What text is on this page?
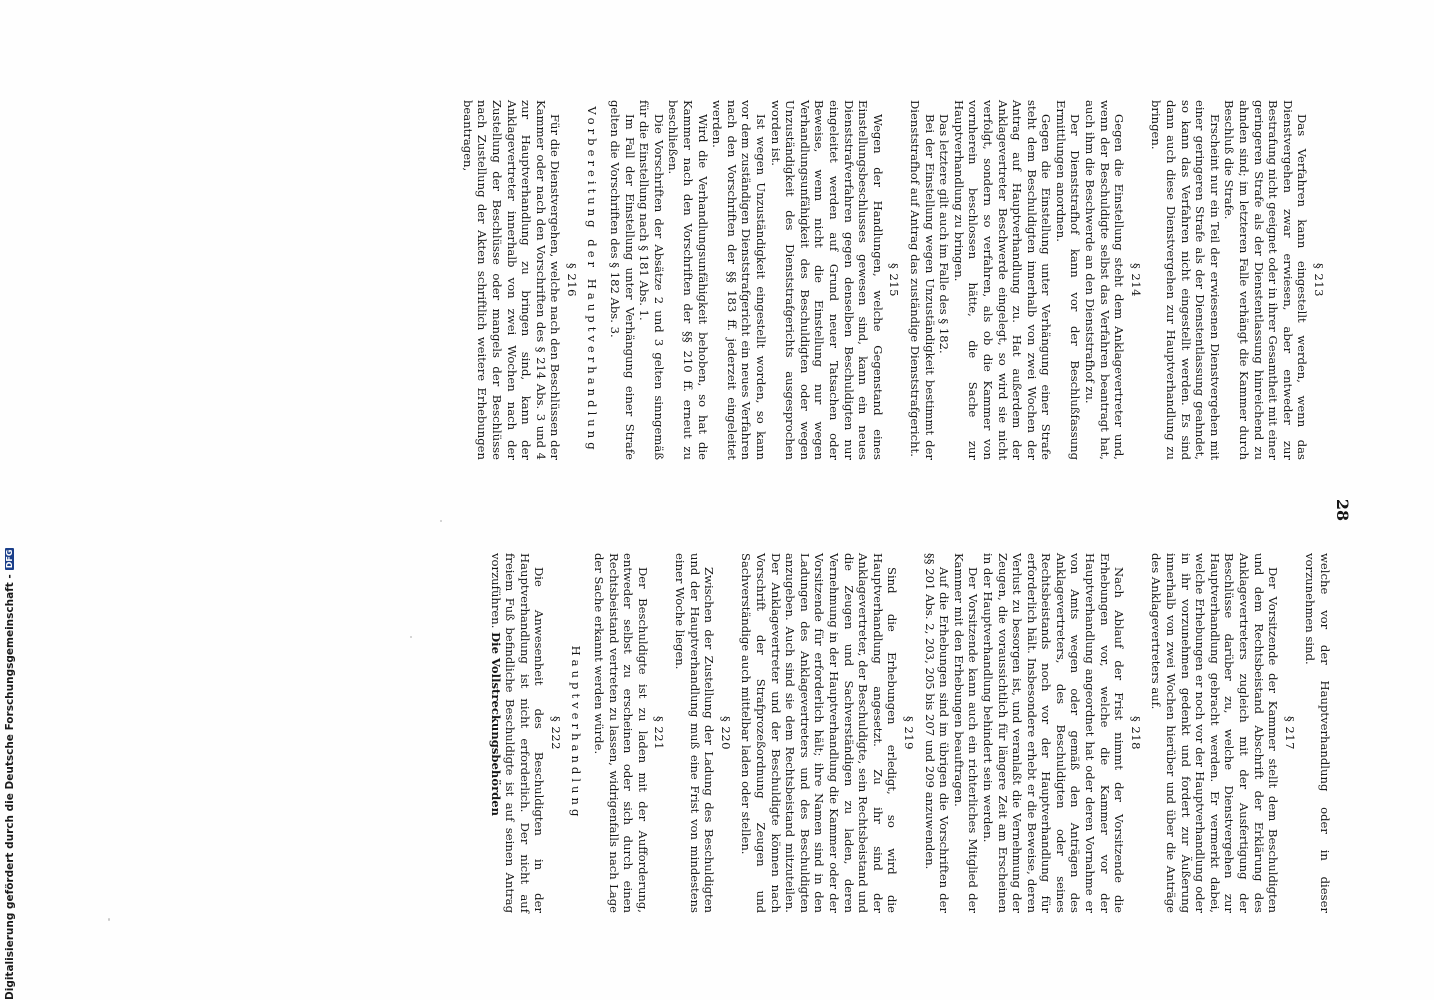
28
§ 213
Das Verfahren kann eingestellt werden, wenn das Dienstvergehen zwar erwiesen, aber entweder zur Bestrafung nicht geeignet oder in ihrer Gesamtheit mit einer geringeren Strafe als der Dienstentlassung hinreichend zu ahnden sind; im letzteren Falle verhängt die Kammer durch Beschluß die Strafe.
Erscheint nur ein Teil der erwiesenen Dienstvergehen mit einer geringeren Strafe als der Dienstentlassung geahndet, so kann das Verfahren nicht eingestellt werden. Es sind dann auch diese Dienstvergehen zur Hauptverhandlung zu bringen.
§ 214
Gegen die Einstellung steht dem Anklagevertreter und, wenn der Beschuldigte selbst das Verfahren beantragt hat, auch ihm die Beschwerde an den Dienststrafhof zu.
Der Dienststrafhof kann vor der Beschlußfassung Ermittlungen anordnen.
Gegen die Einstellung unter Verhängung einer Strafe steht dem Beschuldigten innerhalb von zwei Wochen der Antrag auf Hauptverhandlung zu. Hat außerdem der Anklagevertreter Beschwerde eingelegt, so wird sie nicht verfolgt, sondern so verfahren, als ob die Kammer von vornherein beschlossen hätte, die Sache zur Hauptverhandlung zu bringen.
Das letztere gilt auch im Falle des § 182.
Bei der Einstellung wegen Unzuständigkeit bestimmt der Dienststrafhof auf Antrag das zuständige Dienststrafgericht.
§ 215
Wegen der Handlungen, welche Gegenstand eines Einstellungsbeschlusses gewesen sind, kann ein neues Dienststrafverfahren gegen denselben Beschuldigten nur eingeleitet werden auf Grund neuer Tatsachen oder Beweise, wenn nicht die Einstellung nur wegen Verhandlungsunfähigkeit des Beschuldigten oder wegen Unzuständigkeit des Dienststrafgerichts ausgesprochen worden ist.
Ist wegen Unzuständigkeit eingestellt worden, so kann vor dem zuständigen Dienststrafgericht ein neues Verfahren nach den Vorschriften der §§ 183 ff. jederzeit eingeleitet werden.
Wird die Verhandlungsunfähigkeit behoben, so hat die Kammer nach den Vorschriften der §§ 210 ff. erneut zu beschließen.
Die Vorschriften der Absätze 2 und 3 gelten sinngemäß für die Einstellung nach § 181 Abs. 1.
Im Fall der Einstellung unter Verhängung einer Strafe gelten die Vorschriften des § 182 Abs. 3.
Vorbereitung der Hauptverhandlung
§ 216
Für die Dienstvergehen, welche nach den Beschlüssen der Kammer oder nach den Vorschriften des § 214 Abs. 3 und 4 zur Hauptverhandlung zu bringen sind, kann der Anklagevertreter innerhalb von zwei Wochen nach der Zustellung der Beschlüsse oder mangels der Beschlüsse nach Zustellung der Akten schriftlich weitere Erhebungen beantragen,
welche vor der Hauptverhandlung oder in dieser vorzunehmen sind.
§ 217
Der Vorsitzende der Kammer stellt dem Beschuldigten und dem Rechtsbeistand Abschrift der Erklärung des Anklagevertreters zugleich mit der Ausfertigung der Beschlüsse darüber zu, welche Dienstvergehen zur Hauptverhandlung gebracht werden. Er vermerkt dabei, welche Erhebungen er noch vor der Hauptverhandlung oder in ihr vorzunehmen gedenkt und fordert zur Äußerung innerhalb von zwei Wochen hierüber und über die Anträge des Anklagevertreters auf.
§ 218
Nach Ablauf der Frist nimmt der Vorsitzende die Erhebungen vor, welche die Kammer vor der Hauptverhandlung angeordnet hat oder deren Vornahme er von Amts wegen oder gemäß den Anträgen des Anklagevertreters, des Beschuldigten oder seines Rechtsbeistands noch vor der Hauptverhandlung für erforderlich hält. Insbesondere erhebt er die Beweise, deren Verlust zu besorgen ist, und veranlaßt die Vernehmung der Zeugen, die voraussichtlich für längere Zeit am Erscheinen in der Hauptverhandlung behindert sein werden.
Der Vorsitzende kann auch ein richterliches Mitglied der Kammer mit den Erhebungen beauftragen.
Auf die Erhebungen sind im übrigen die Vorschriften der §§ 201 Abs. 2, 203, 205 bis 207 und 209 anzuwenden.
§ 219
Sind die Erhebungen erledigt, so wird die Hauptverhandlung angesetzt. Zu ihr sind der Anklagevertreter, der Beschuldigte, sein Rechtsbeistand und die Zeugen und Sachverständigen zu laden, deren Vernehmung in der Hauptverhandlung die Kammer oder der Vorsitzende für erforderlich hält; ihre Namen sind in den Ladungen des Anklagevertreters und des Beschuldigten anzugeben. Auch sind sie dem Rechtsbeistand mitzuteilen. Der Anklagevertreter und der Beschuldigte können nach Vorschrift der Strafprozeßordnung Zeugen und Sachverständige auch mittelbar laden oder stellen.
§ 220
Zwischen der Zustellung der Ladung des Beschuldigten und der Hauptverhandlung muß eine Frist von mindestens einer Woche liegen.
§ 221
Der Beschuldigte ist zu laden mit der Aufforderung, entweder selbst zu erscheinen oder sich durch einen Rechtsbeistand vertreten zu lassen, widrigenfalls nach Lage der Sache erkannt werden würde.
Hauptverhandlung
§ 222
Die Anwesenheit des Beschuldigten in der Hauptverhandlung ist nicht erforderlich. Der nicht auf freiem Fuß befindliche Beschuldigte ist auf seinen Antrag vorzuführen. Die Vollstreckungsbehörden
Digitalisierung gefördert durch die Deutsche Forschungsgemeinschaft -DFG
